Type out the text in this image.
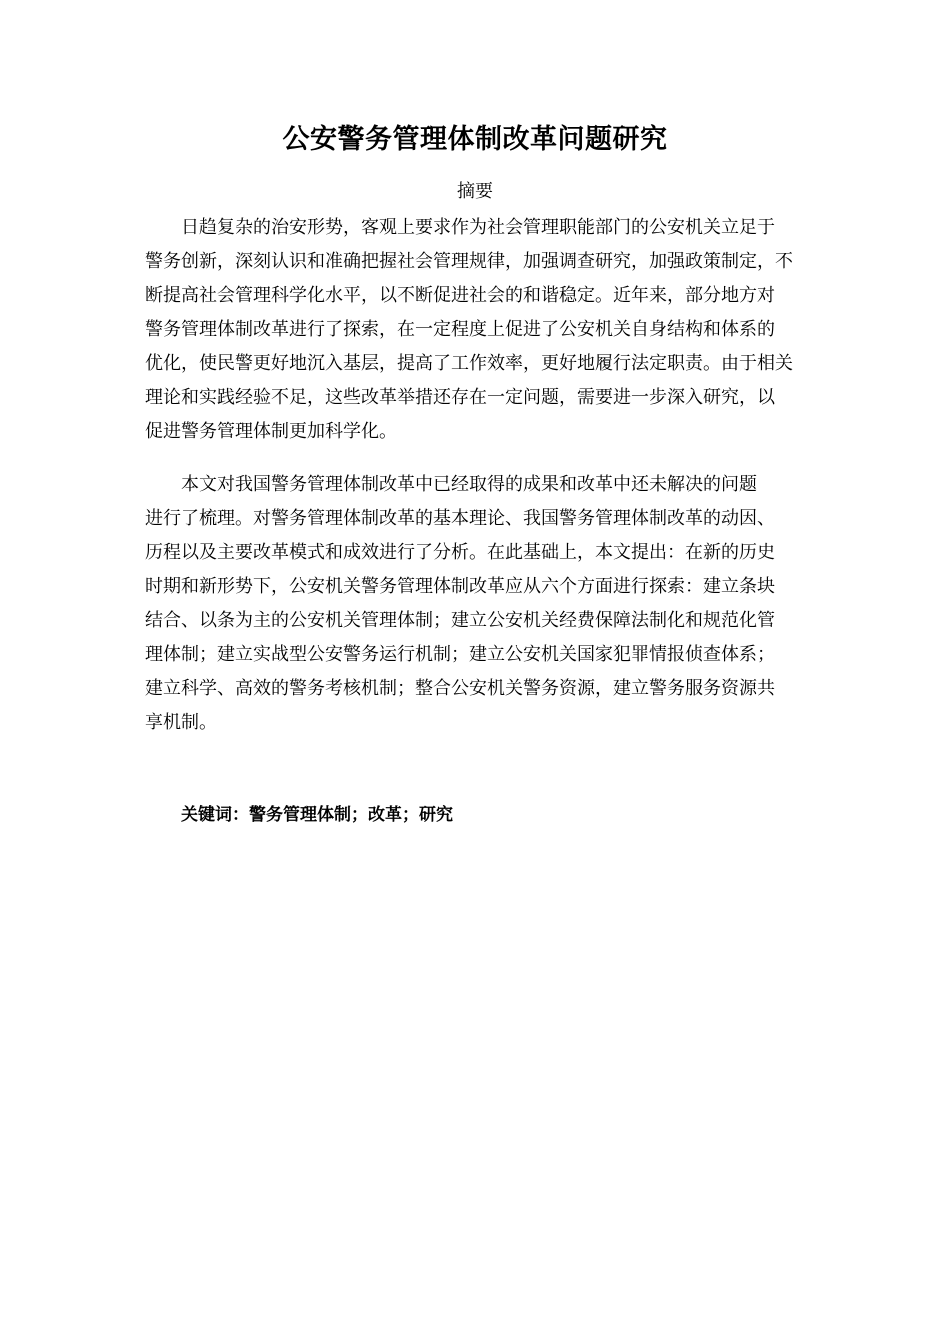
公安警务管理体制改革问题研究
摘要
日趋复杂的治安形势，客观上要求作为社会管理职能部门的公安机关立足于
警务创新，深刻认识和准确把握社会管理规律，加强调查研究，加强政策制定，不
断提高社会管理科学化水平，以不断促进社会的和谐稳定。近年来，部分地方对
警务管理体制改革进行了探索，在一定程度上促进了公安机关自身结构和体系的
优化，使民警更好地沉入基层，提高了工作效率，更好地履行法定职责。由于相关
理论和实践经验不足，这些改革举措还存在一定问题，需要进一步深入研究，以
促进警务管理体制更加科学化。
本文对我国警务管理体制改革中已经取得的成果和改革中还未解决的问题
进行了梳理。对警务管理体制改革的基本理论、我国警务管理体制改革的动因、
历程以及主要改革模式和成效进行了分析。在此基础上，本文提出：在新的历史
时期和新形势下，公安机关警务管理体制改革应从六个方面进行探索：建立条块
结合、以条为主的公安机关管理体制；建立公安机关经费保障法制化和规范化管
理体制；建立实战型公安警务运行机制；建立公安机关国家犯罪情报侦查体系；
建立科学、高效的警务考核机制；整合公安机关警务资源，建立警务服务资源共
享机制。
关键词：警务管理体制；改革；研究
